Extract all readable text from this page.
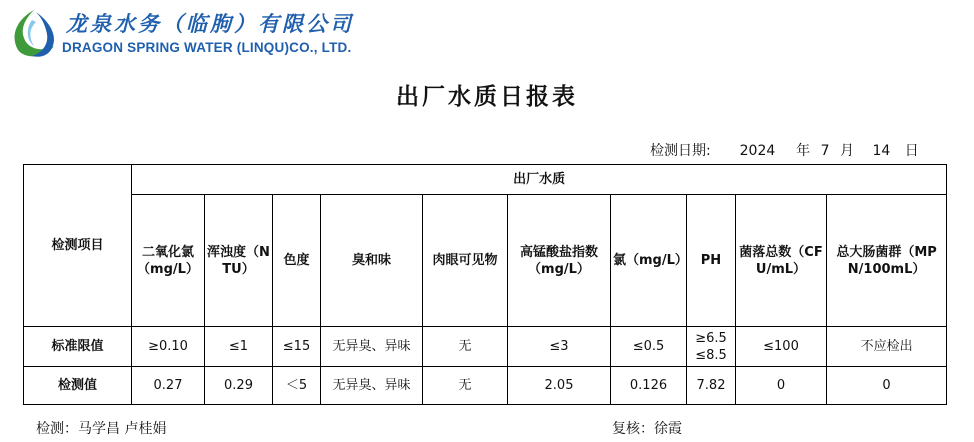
龙泉水务（临朐）有限公司
DRAGON SPRING WATER (LINQU)CO., LTD.
出厂水质日报表
检测日期: 2024 年 7 月 14 日
检测项目	出厂水质									
	二氧化氯（mg/L）	浑浊度（NTU）	色度	臭和味	肉眼可见物	高锰酸盐指数（mg/L）	氯（mg/L）	PH	菌落总数（CFU/mL）	总大肠菌群（MPN/100mL）
标准限值	≥0.10	≤1	≤15	无异臭、异味	无	≤3	≤0.5	≥6.5 ≤8.5	≤100	不应检出
检测值	0.27	0.29	＜5	无异臭、异味	无	2.05	0.126	7.82	0	0
检测：马学昌 卢桂娟	复核：徐霞
